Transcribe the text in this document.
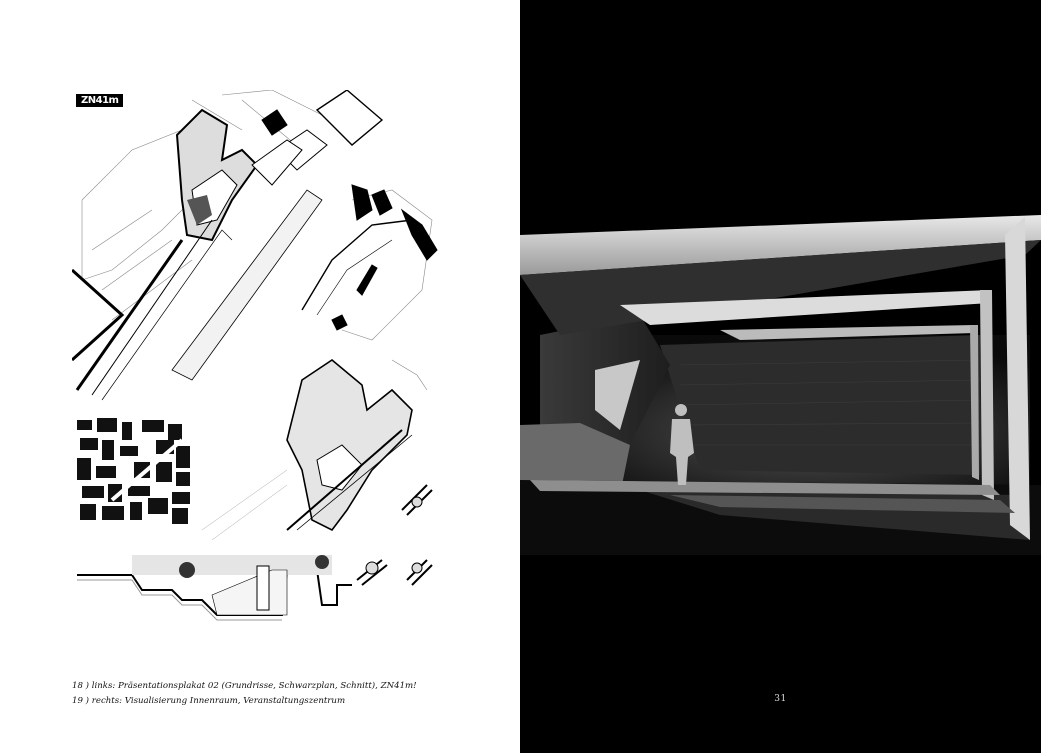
ZN41m
18 ) links: Präsentationsplakat 02 (Grundrisse, Schwarzplan, Schnitt), ZN41m!
19 ) rechts: Visualisierung Innenraum, Veranstaltungszentrum	31
